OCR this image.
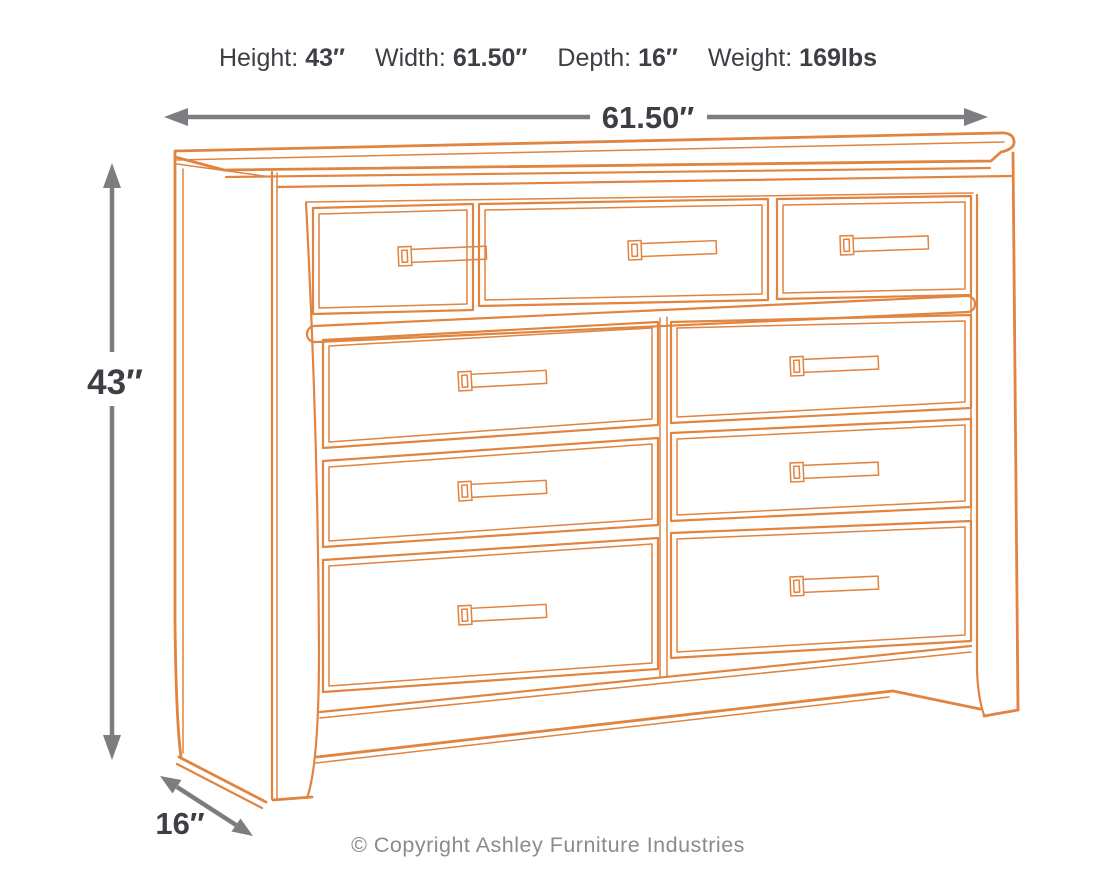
Height: 43″ Width: 61.50″ Depth: 16″ Weight: 169lbs
61.50″
43″
16″
© Copyright Ashley Furniture Industries
